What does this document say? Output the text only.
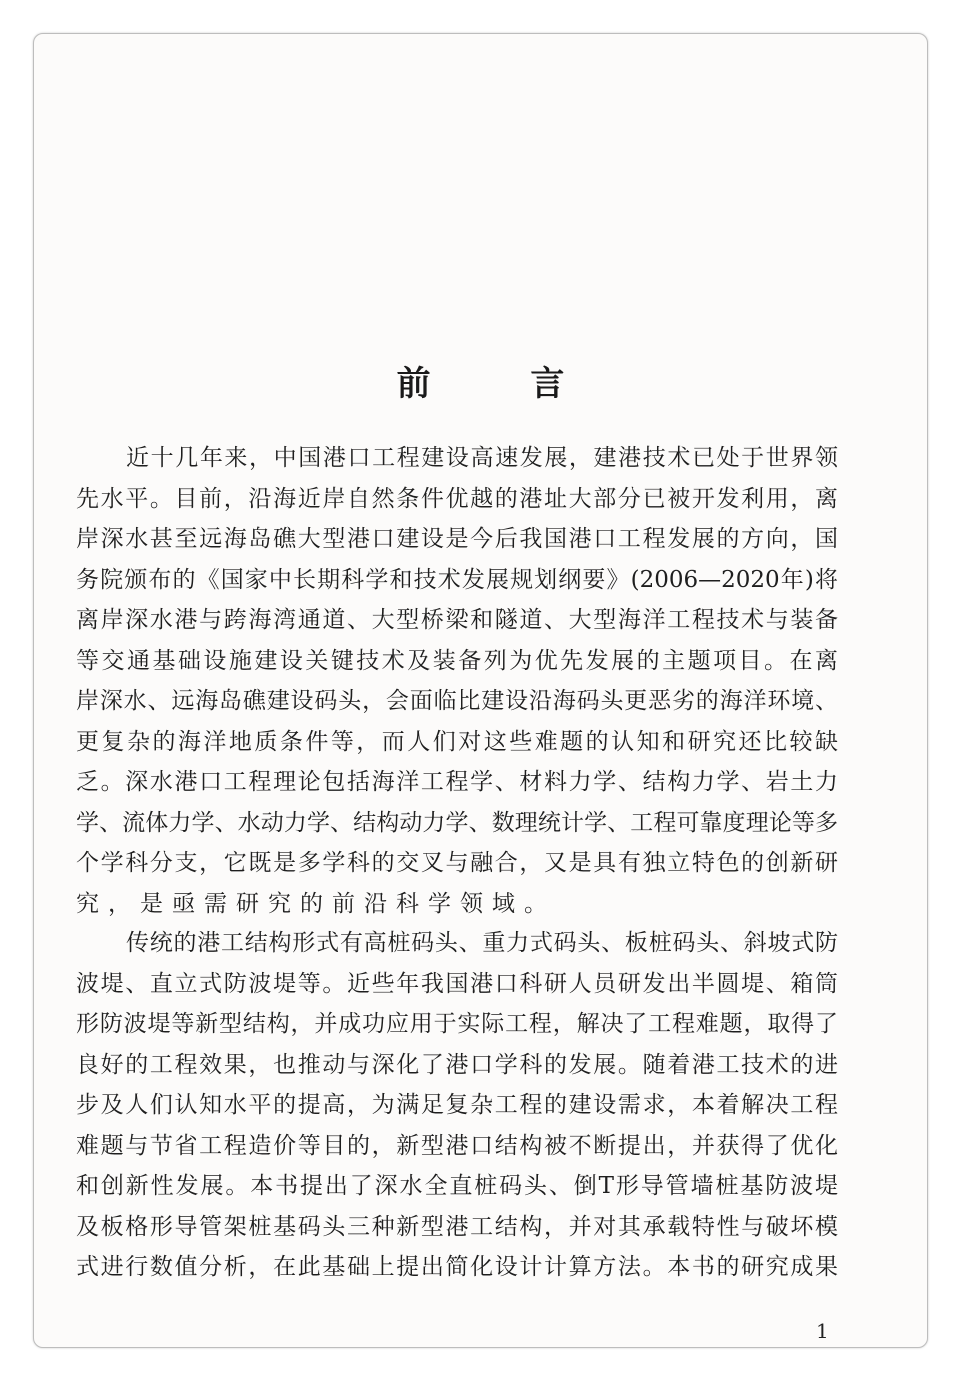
前 言
近十几年来，中国港口工程建设高速发展，建港技术已处于世界领
先水平。目前，沿海近岸自然条件优越的港址大部分已被开发利用，离
岸深水甚至远海岛礁大型港口建设是今后我国港口工程发展的方向，国
务院颁布的《国家中长期科学和技术发展规划纲要》(2006—2020年)将
离岸深水港与跨海湾通道、大型桥梁和隧道、大型海洋工程技术与装备
等交通基础设施建设关键技术及装备列为优先发展的主题项目。在离
岸深水、远海岛礁建设码头，会面临比建设沿海码头更恶劣的海洋环境、
更复杂的海洋地质条件等，而人们对这些难题的认知和研究还比较缺
乏。深水港口工程理论包括海洋工程学、材料力学、结构力学、岩土力
学、流体力学、水动力学、结构动力学、数理统计学、工程可靠度理论等多
个学科分支，它既是多学科的交叉与融合，又是具有独立特色的创新研
究，是亟需研究的前沿科学领域。
传统的港工结构形式有高桩码头、重力式码头、板桩码头、斜坡式防
波堤、直立式防波堤等。近些年我国港口科研人员研发出半圆堤、箱筒
形防波堤等新型结构，并成功应用于实际工程，解决了工程难题，取得了
良好的工程效果，也推动与深化了港口学科的发展。随着港工技术的进
步及人们认知水平的提高，为满足复杂工程的建设需求，本着解决工程
难题与节省工程造价等目的，新型港口结构被不断提出，并获得了优化
和创新性发展。本书提出了深水全直桩码头、倒T形导管墙桩基防波堤
及板格形导管架桩基码头三种新型港工结构，并对其承载特性与破坏模
式进行数值分析，在此基础上提出简化设计计算方法。本书的研究成果
1
